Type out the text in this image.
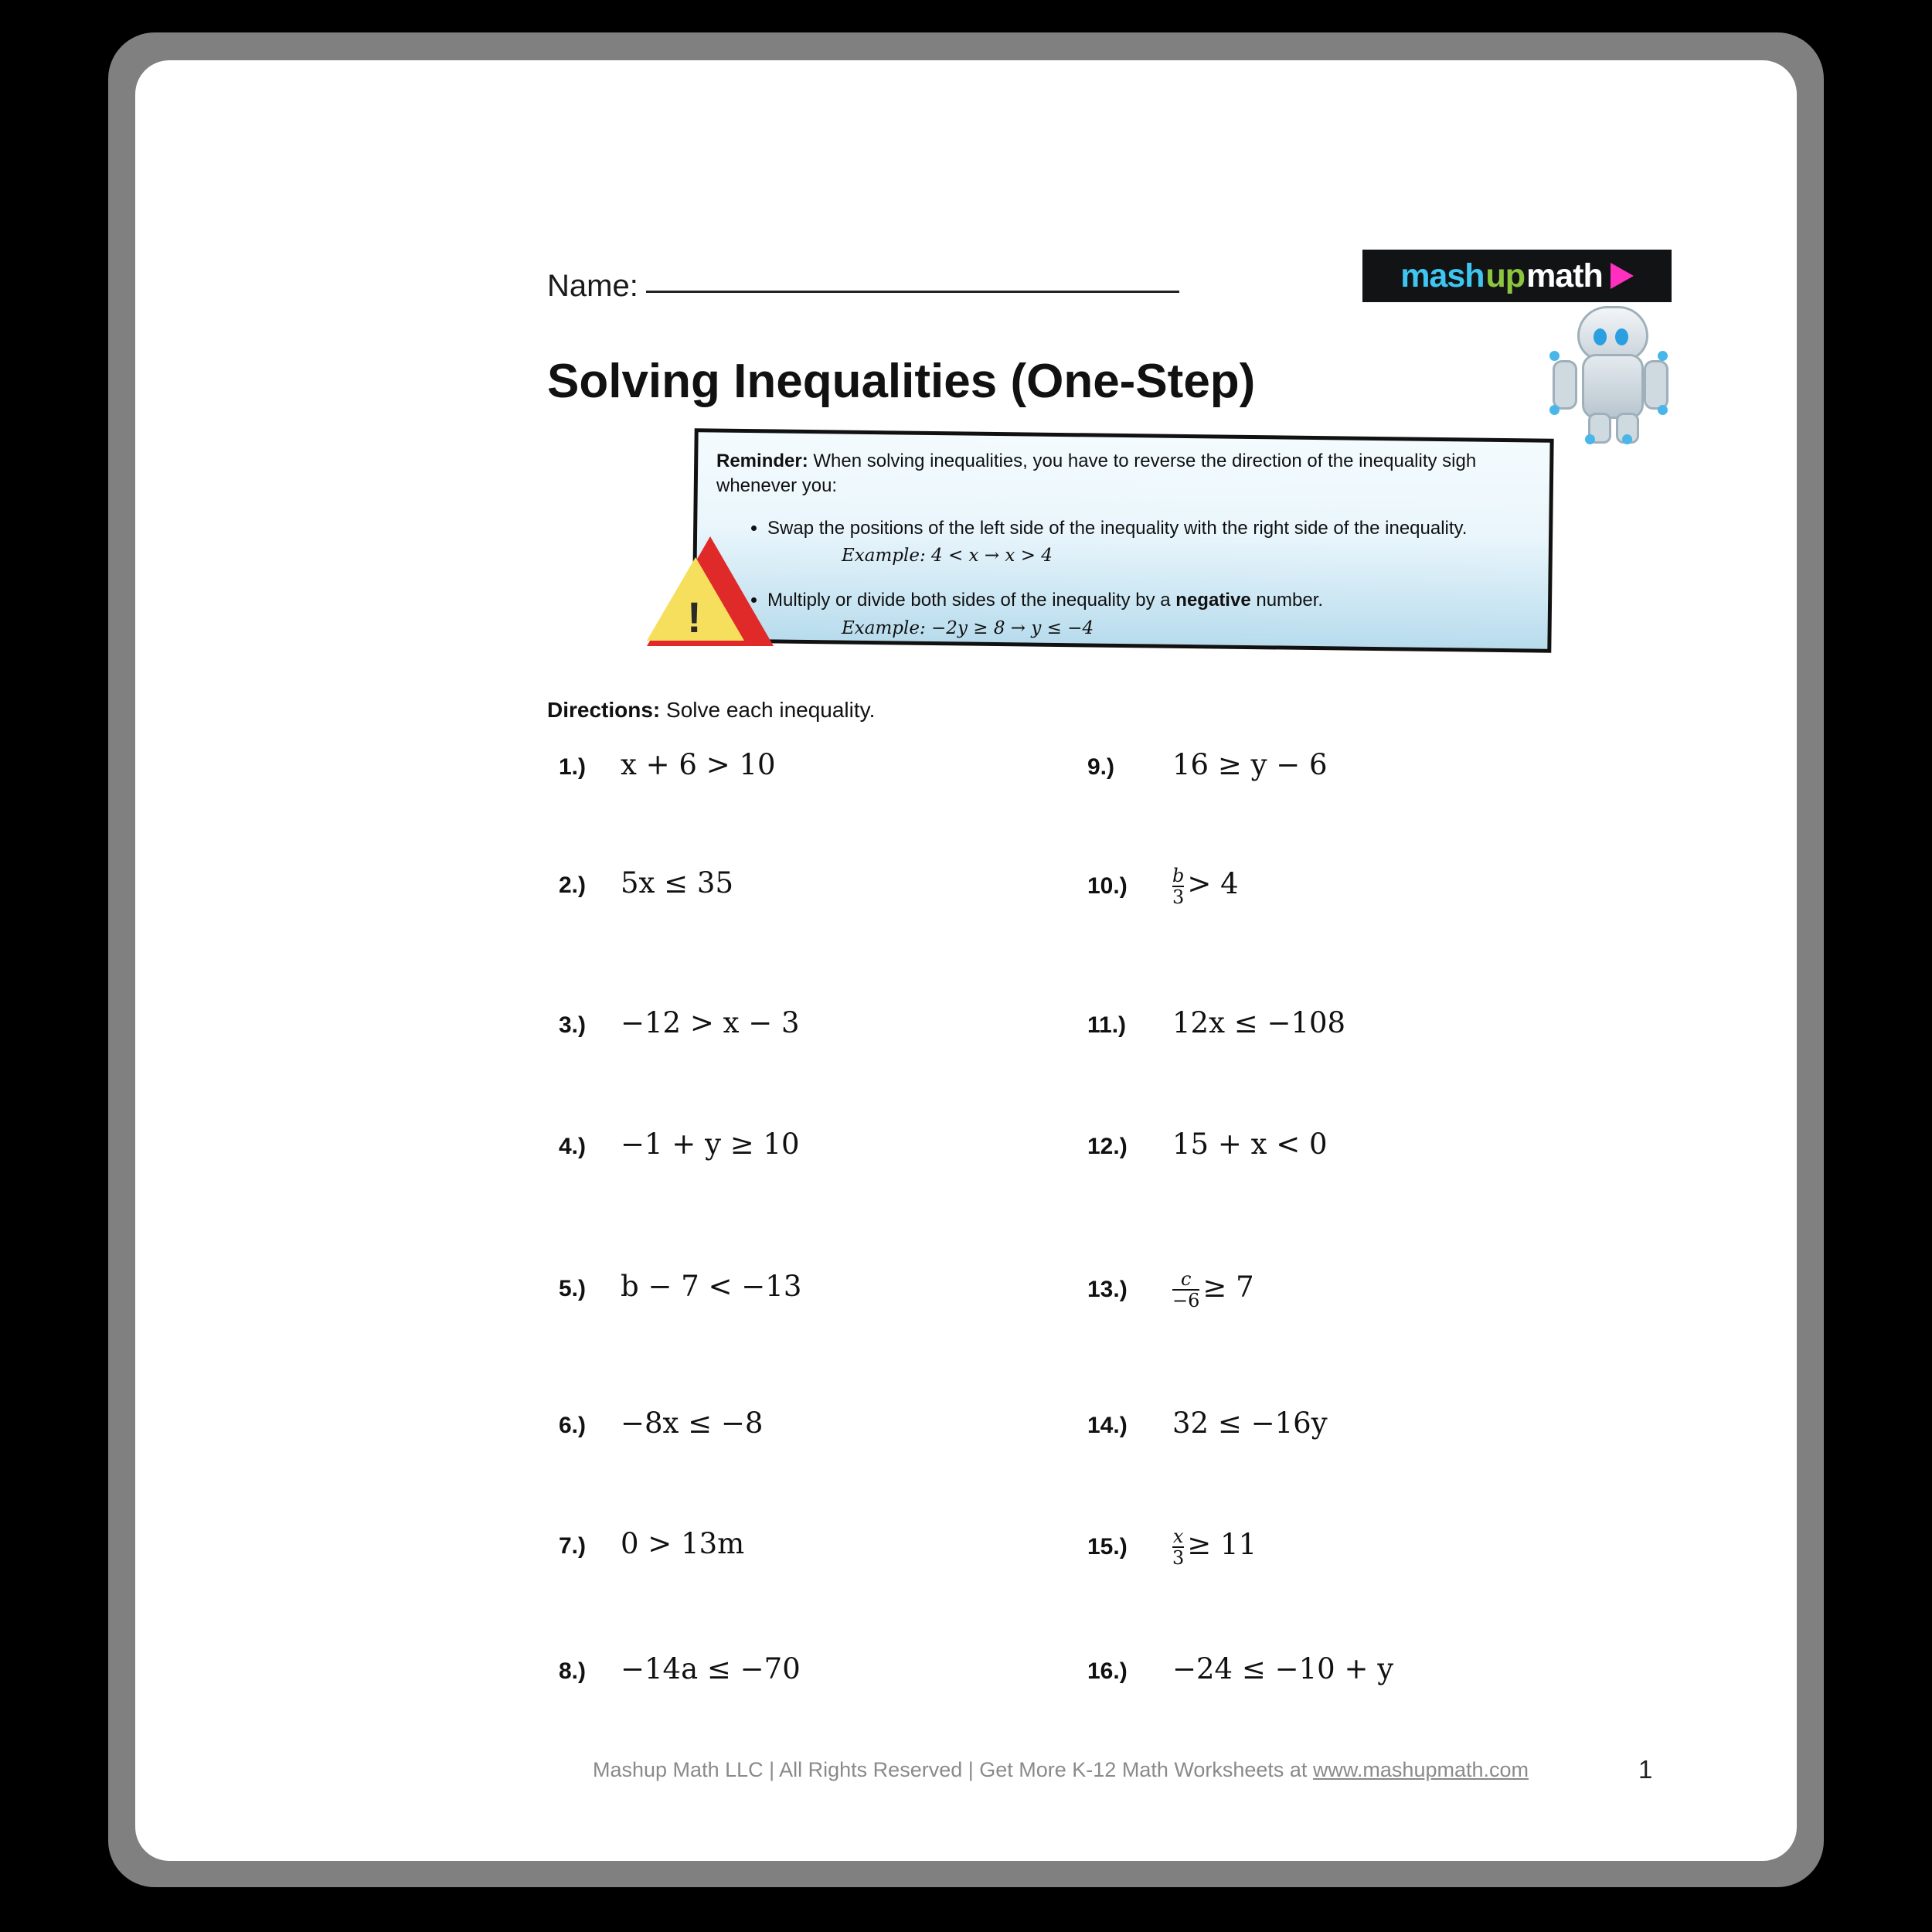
Name:
Solving Inequalities (One-Step)
mash up math
Reminder: When solving inequalities, you have to reverse the direction of the inequality sigh whenever you:
• Swap the positions of the left side of the inequality with the right side of the inequality.
Example: 4 < x → x > 4
• Multiply or divide both sides of the inequality by a negative number.
Example: −2y ≥ 8 → y ≤ −4
!
Directions: Solve each inequality.
1.)	x + 6 > 10
2.)	5x ≤ 35
3.)	−12 > x − 3
4.)	−1 + y ≥ 10
5.)	b − 7 < −13
6.)	−8x ≤ −8
7.)	0 > 13m
8.)	−14a ≤ −70
9.)	16 ≥ y − 6
10.)	$\frac{b}{3} > 4$
11.)	12x ≤ −108
12.)	15 + x < 0
13.)	$\frac{c}{-6} \ge 7$
14.)	32 ≤ −16y
15.)	$\frac{x}{3} \ge 11$
16.)	−24 ≤ −10 + y
Mashup Math LLC | All Rights Reserved | Get More K-12 Math Worksheets at www.mashupmath.com	1
